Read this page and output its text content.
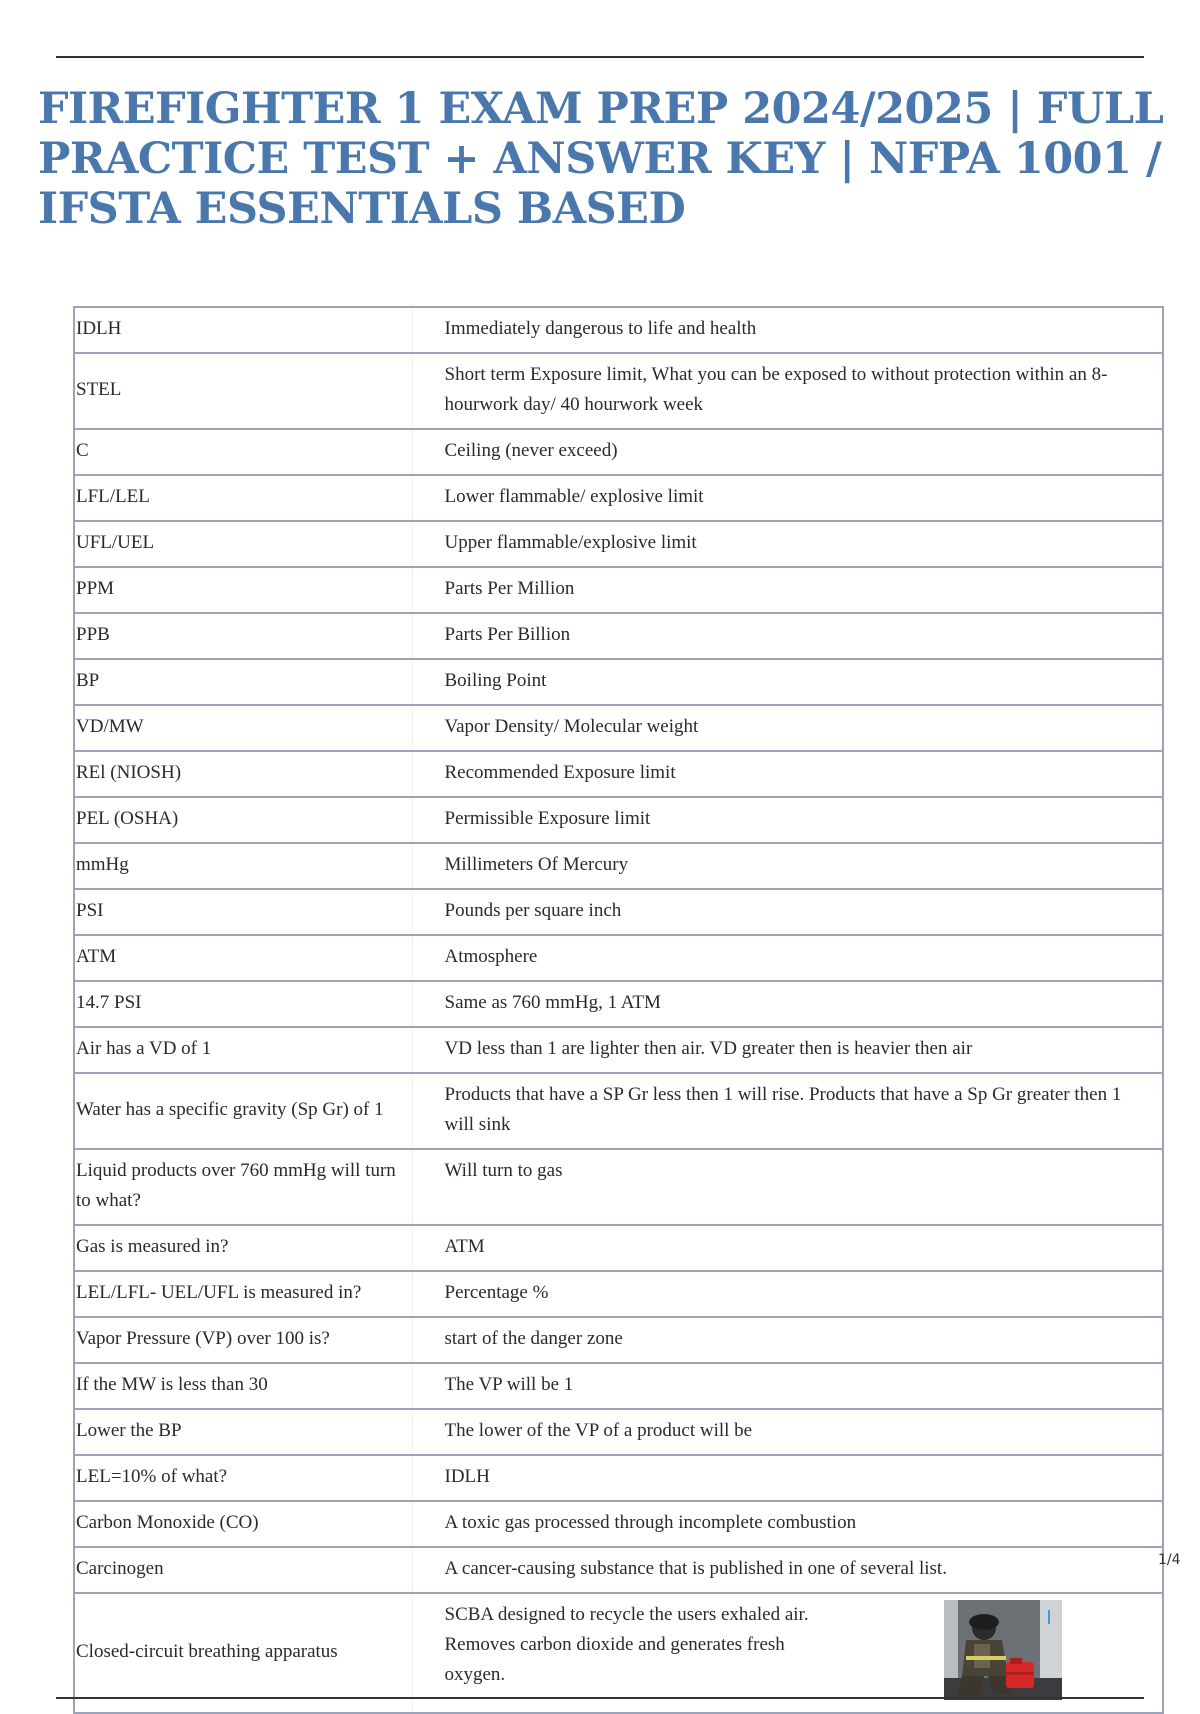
FIREFIGHTER 1 EXAM PREP 2024/2025 | FULL PRACTICE TEST + ANSWER KEY | NFPA 1001 / IFSTA ESSENTIALS BASED
IDLH	Immediately dangerous to life and health
STEL	Short term Exposure limit, What you can be exposed to without protection within an 8-hourwork day/ 40 hourwork week
C	Ceiling (never exceed)
LFL/LEL	Lower flammable/ explosive limit
UFL/UEL	Upper flammable/explosive limit
PPM	Parts Per Million
PPB	Parts Per Billion
BP	Boiling Point
VD/MW	Vapor Density/ Molecular weight
REl (NIOSH)	Recommended Exposure limit
PEL (OSHA)	Permissible Exposure limit
mmHg	Millimeters Of Mercury
PSI	Pounds per square inch
ATM	Atmosphere
14.7 PSI	Same as 760 mmHg, 1 ATM
Air has a VD of 1	VD less than 1 are lighter then air. VD greater then is heavier then air
Water has a specific gravity (Sp Gr) of 1	Products that have a SP Gr less then 1 will rise. Products that have a Sp Gr greater then 1 will sink
Liquid products over 760 mmHg will turn to what?	Will turn to gas
Gas is measured in?	ATM
LEL/LFL- UEL/UFL is measured in?	Percentage %
Vapor Pressure (VP) over 100 is?	start of the danger zone
If the MW is less than 30	The VP will be 1
Lower the BP	The lower of the VP of a product will be
LEL=10% of what?	IDLH
Carbon Monoxide (CO)	A toxic gas processed through incomplete combustion
Carcinogen	A cancer-causing substance that is published in one of several list.
Closed-circuit breathing apparatus	SCBA designed to recycle the users exhaled air. Removes carbon dioxide and generates fresh oxygen.
1/4
